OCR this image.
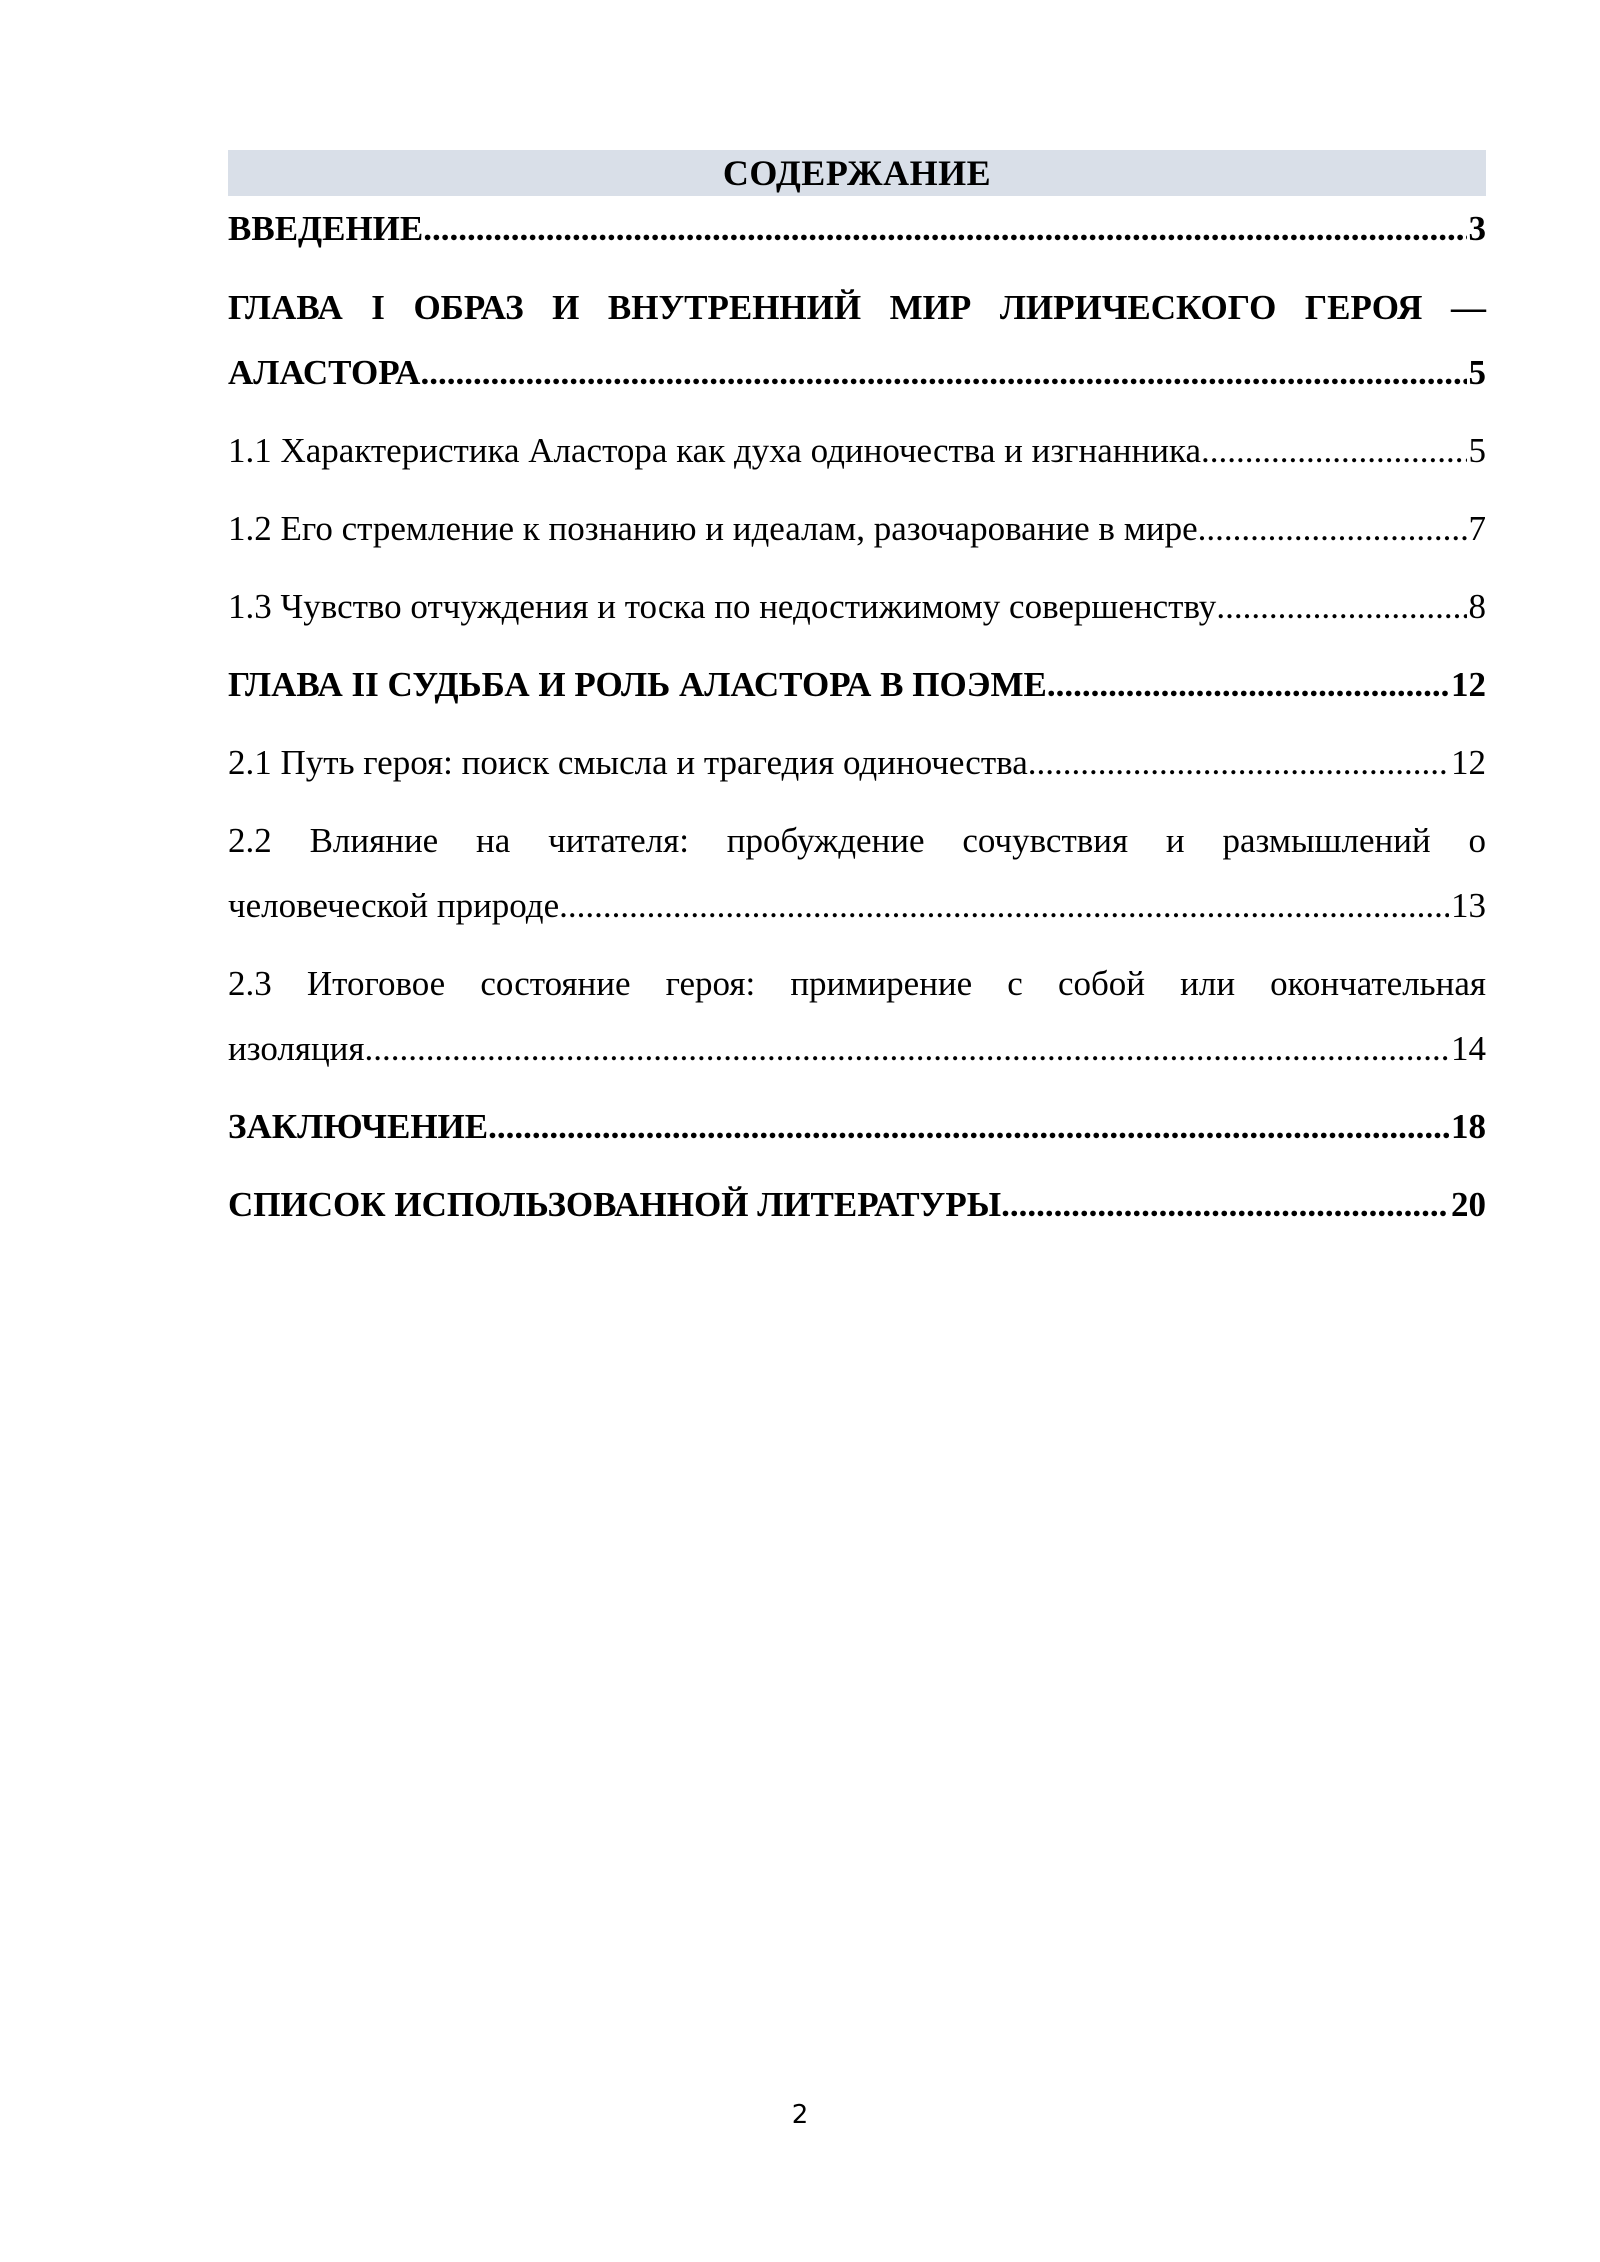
СОДЕРЖАНИЕ
ВВЕДЕНИЕ .....	3
ГЛАВА I ОБРАЗ И ВНУТРЕННИЙ МИР ЛИРИЧЕСКОГО ГЕРОЯ —
АЛАСТОРА .....	5
1.1 Характеристика Аластора как духа одиночества и изгнанника .....	5
1.2 Его стремление к познанию и идеалам, разочарование в мире .....	7
1.3 Чувство отчуждения и тоска по недостижимому совершенству .....	8
ГЛАВА II СУДЬБА И РОЛЬ АЛАСТОРА В ПОЭМЕ .....	12
2.1 Путь героя: поиск смысла и трагедия одиночества .....	12
2.2 Влияние на читателя: пробуждение сочувствия и размышлений о
человеческой природе .....	13
2.3 Итоговое состояние героя: примирение с собой или окончательная
изоляция .....	14
ЗАКЛЮЧЕНИЕ .....	18
СПИСОК ИСПОЛЬЗОВАННОЙ ЛИТЕРАТУРЫ .....	20
2
